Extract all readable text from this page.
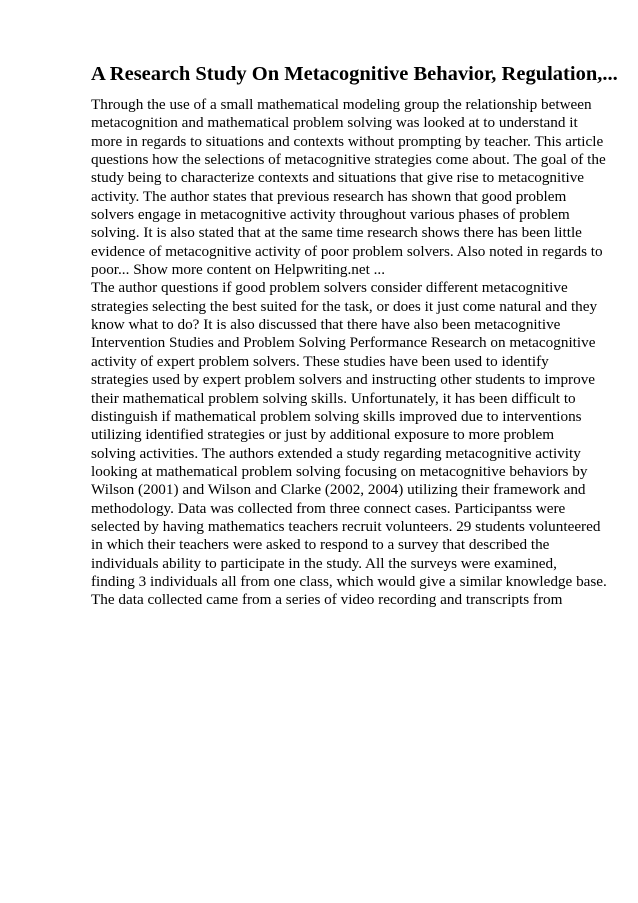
A Research Study On Metacognitive Behavior, Regulation,...
Through the use of a small mathematical modeling group the relationship between
metacognition and mathematical problem solving was looked at to understand it
more in regards to situations and contexts without prompting by teacher. This article
questions how the selections of metacognitive strategies come about. The goal of the
study being to characterize contexts and situations that give rise to metacognitive
activity. The author states that previous research has shown that good problem
solvers engage in metacognitive activity throughout various phases of problem
solving. It is also stated that at the same time research shows there has been little
evidence of metacognitive activity of poor problem solvers. Also noted in regards to
poor... Show more content on Helpwriting.net ...
The author questions if good problem solvers consider different metacognitive
strategies selecting the best suited for the task, or does it just come natural and they
know what to do? It is also discussed that there have also been metacognitive
Intervention Studies and Problem Solving Performance Research on metacognitive
activity of expert problem solvers. These studies have been used to identify
strategies used by expert problem solvers and instructing other students to improve
their mathematical problem solving skills. Unfortunately, it has been difficult to
distinguish if mathematical problem solving skills improved due to interventions
utilizing identified strategies or just by additional exposure to more problem
solving activities. The authors extended a study regarding metacognitive activity
looking at mathematical problem solving focusing on metacognitive behaviors by
Wilson (2001) and Wilson and Clarke (2002, 2004) utilizing their framework and
methodology. Data was collected from three connect cases. Participantss were
selected by having mathematics teachers recruit volunteers. 29 students volunteered
in which their teachers were asked to respond to a survey that described the
individuals ability to participate in the study. All the surveys were examined,
finding 3 individuals all from one class, which would give a similar knowledge base.
The data collected came from a series of video recording and transcripts from
